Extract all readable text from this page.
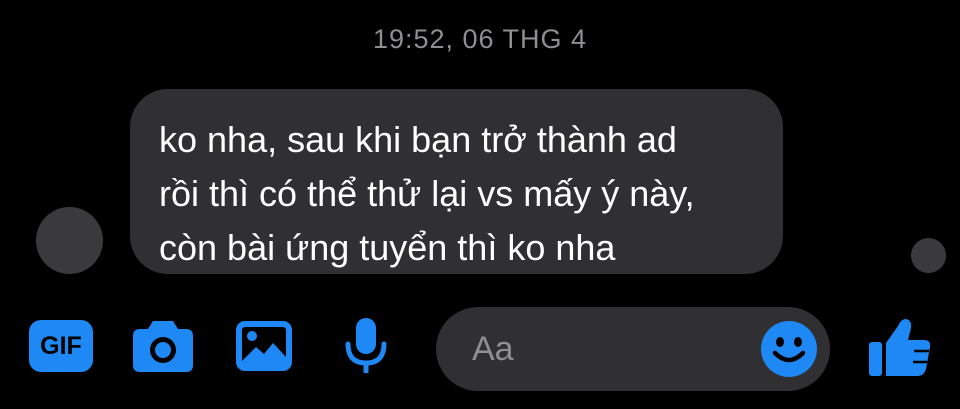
19:52, 06 THG 4
ko nha, sau khi bạn trở thành ad
rồi thì có thể thử lại vs mấy ý này,
còn bài ứng tuyển thì ko nha
GIF
Aa
